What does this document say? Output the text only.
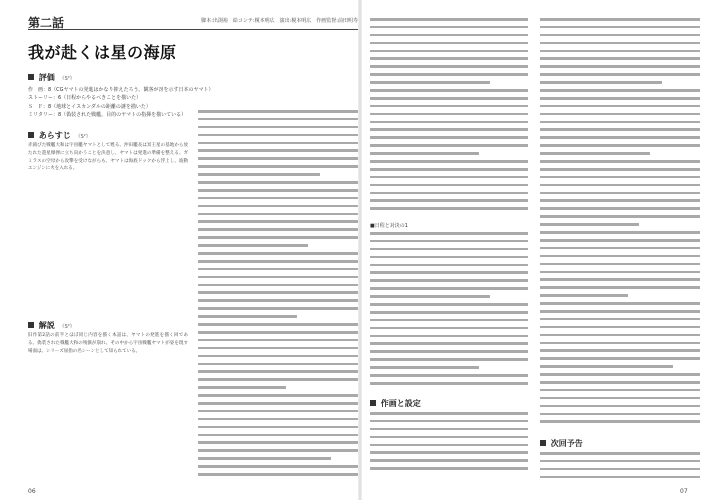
第二話	脚本:出渕裕　絵コンテ:榎本明広　演出:榎本明広　作画監督:前田明寿
我が赴くは星の海原
評価 《S²》
作　画：8（CGヤマトの発進はかなり抑えたろう。観客が冴を示す日本のヤマト）
ストーリー：6（日程からやるべきことを描いた）
Ｓ　Ｆ：8（地球とイスカンダルの距離の謎を描いた）
ミリタリー：8（偽装された戦艦。目的のヤマトの指揮を描いている）
あらすじ 《S²》
赤錆びた戦艦大和は宇宙艦ヤマトとして甦る。沖田艦長は冥王星の基地から放たれた遊星爆弾に立ち向かうことを決意し、ヤマトは発進の準備を整える。ガミラスの空母から攻撃を受けながらも、ヤマトは海底ドックから浮上し、波動エンジンに火を入れる。
解説 《S²》
旧作第2話の前半とほぼ同じ内容を描く本話は、ヤマトの発進を描く回である。偽装された戦艦大和の残骸が崩れ、その中から宇宙戦艦ヤマトが姿を現す場面は、シリーズ屈指の名シーンとして知られている。
06
■日程と対決の1
作画と設定
次回予告
07
